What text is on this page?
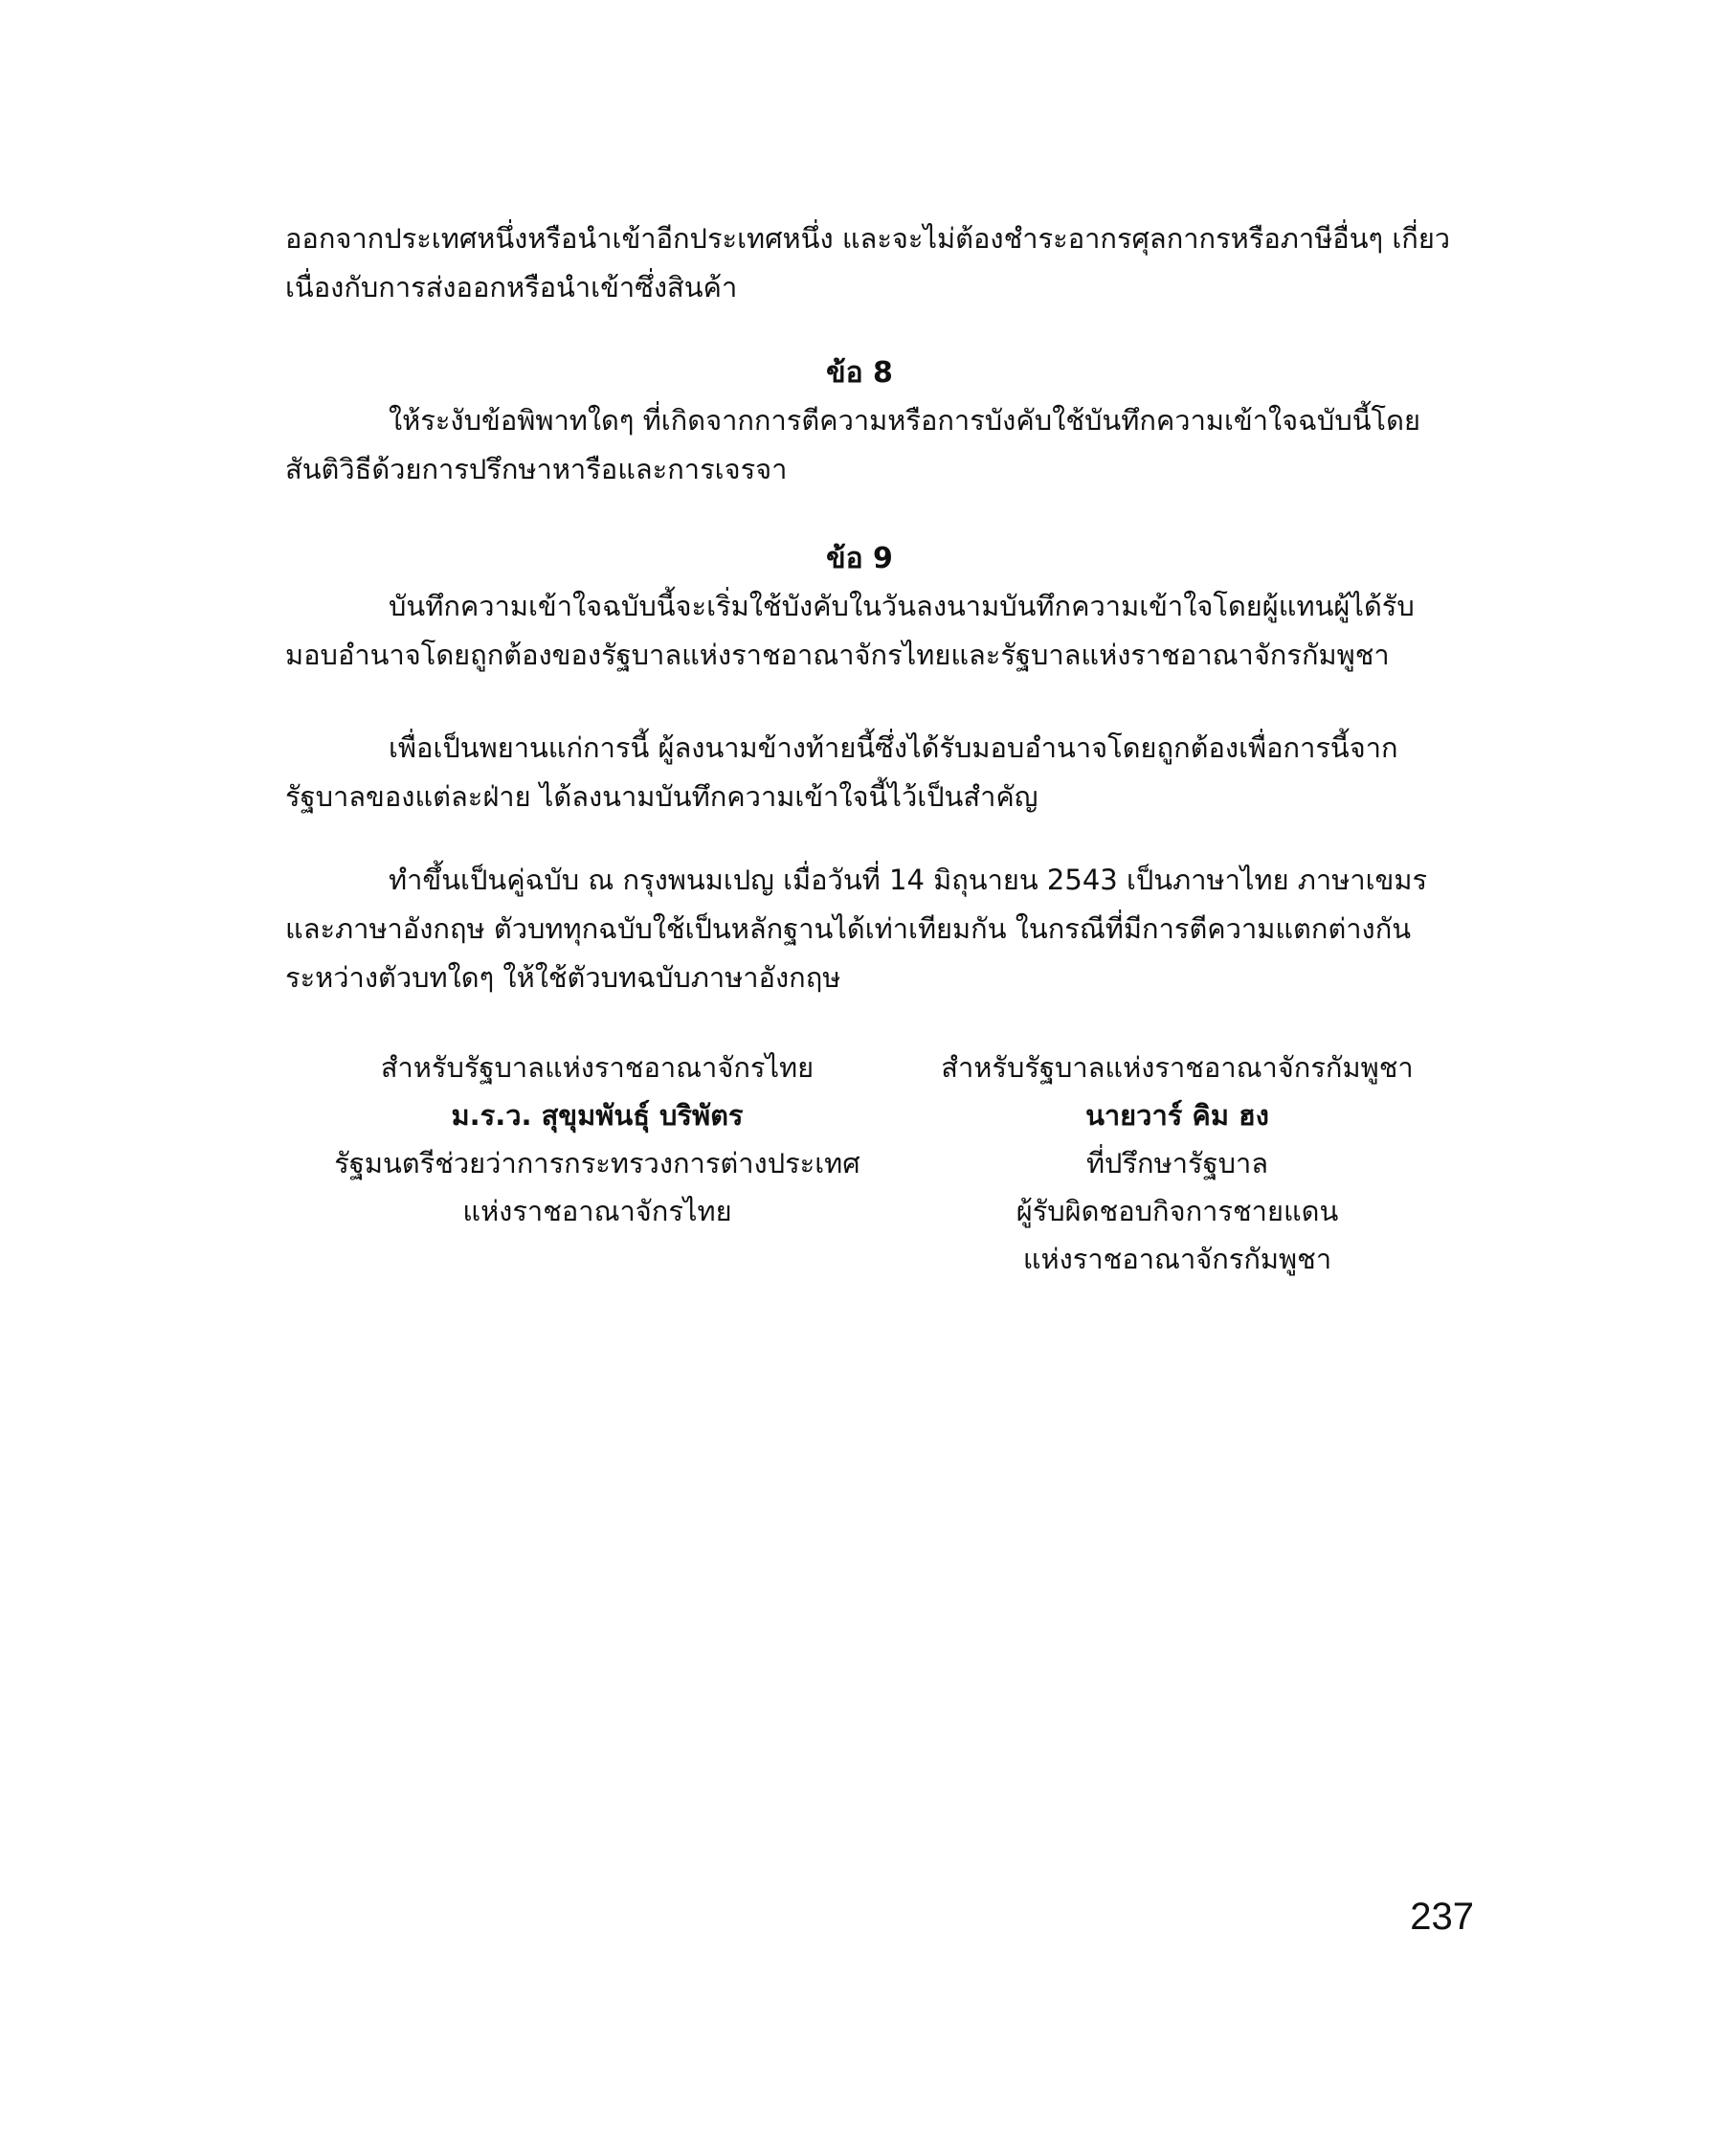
ออกจากประเทศหนึ่งหรือนำเข้าอีกประเทศหนึ่ง และจะไม่ต้องชำระอากรศุลกากรหรือภาษีอื่นๆ เกี่ยว
เนื่องกับการส่งออกหรือนำเข้าซึ่งสินค้า
ข้อ 8
ให้ระงับข้อพิพาทใดๆ ที่เกิดจากการตีความหรือการบังคับใช้บันทึกความเข้าใจฉบับนี้โดย
สันติวิธีด้วยการปรึกษาหารือและการเจรจา
ข้อ 9
บันทึกความเข้าใจฉบับนี้จะเริ่มใช้บังคับในวันลงนามบันทึกความเข้าใจโดยผู้แทนผู้ได้รับ
มอบอำนาจโดยถูกต้องของรัฐบาลแห่งราชอาณาจักรไทยและรัฐบาลแห่งราชอาณาจักรกัมพูชา
เพื่อเป็นพยานแก่การนี้ ผู้ลงนามข้างท้ายนี้ซึ่งได้รับมอบอำนาจโดยถูกต้องเพื่อการนี้จาก
รัฐบาลของแต่ละฝ่าย ได้ลงนามบันทึกความเข้าใจนี้ไว้เป็นสำคัญ
ทำขึ้นเป็นคู่ฉบับ ณ กรุงพนมเปญ เมื่อวันที่ 14 มิถุนายน 2543 เป็นภาษาไทย ภาษาเขมร
และภาษาอังกฤษ ตัวบททุกฉบับใช้เป็นหลักฐานได้เท่าเทียมกัน ในกรณีที่มีการตีความแตกต่างกัน
ระหว่างตัวบทใดๆ ให้ใช้ตัวบทฉบับภาษาอังกฤษ
สำหรับรัฐบาลแห่งราชอาณาจักรไทย
ม.ร.ว. สุขุมพันธุ์ บริพัตร
รัฐมนตรีช่วยว่าการกระทรวงการต่างประเทศ
แห่งราชอาณาจักรไทย
สำหรับรัฐบาลแห่งราชอาณาจักรกัมพูชา
นายวาร์ คิม ฮง
ที่ปรึกษารัฐบาล
ผู้รับผิดชอบกิจการชายแดน
แห่งราชอาณาจักรกัมพูชา
237
